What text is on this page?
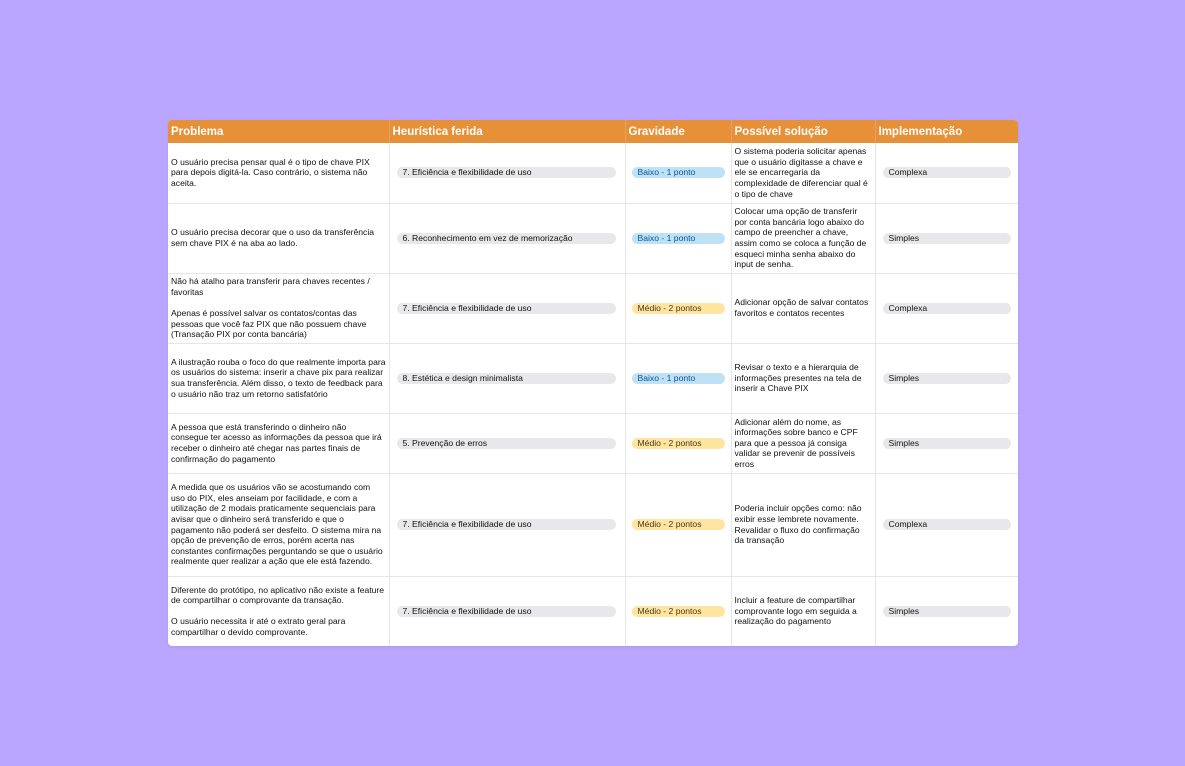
Problema	Heurística ferida	Gravidade	Possível solução	Implementação
O usuário precisa pensar qual é o tipo de chave PIX para depois digitá-la. Caso contrário, o sistema não aceita.	7. Eficiência e flexibilidade de uso	Baixo - 1 ponto	O sistema poderia solicitar apenas que o usuário digitasse a chave e ele se encarregaria da complexidade de diferenciar qual é o tipo de chave	Complexa

O usuário precisa decorar que o uso da transferência sem chave PIX é na aba ao lado.	6. Reconhecimento em vez de memorização	Baixo - 1 ponto	Colocar uma opção de transferir por conta bancária logo abaixo do campo de preencher a chave, assim como se coloca a função de esqueci minha senha abaixo do input de senha.	Simples

Não há atalho para transferir para chaves recentes / favoritas

Apenas é possível salvar os contatos/contas das pessoas que você faz PIX que não possuem chave (Transação PIX por conta bancária)	7. Eficiência e flexibilidade de uso	Médio - 2 pontos	Adicionar opção de salvar contatos favoritos e contatos recentes	Complexa

A ilustração rouba o foco do que realmente importa para os usuários do sistema: inserir a chave pix para realizar sua transferência. Além disso, o texto de feedback para o usuário não traz um retorno satisfatório	8. Estética e design minimalista	Baixo - 1 ponto	Revisar o texto e a hierarquia de informações presentes na tela de inserir a Chave PIX	Simples

A pessoa que está transferindo o dinheiro não consegue ter acesso as informações da pessoa que irá receber o dinheiro até chegar nas partes finais de confirmação do pagamento	5. Prevenção de erros	Médio - 2 pontos	Adicionar além do nome, as informações sobre banco e CPF para que a pessoa já consiga validar se prevenir de possíveis erros	Simples

A medida que os usuários vão se acostumando com uso do PIX, eles anseiam por facilidade, e com a utilização de 2 modais praticamente sequenciais para avisar que o dinheiro será transferido e que o pagamento não poderá ser desfeito. O sistema mira na opção de prevenção de erros, porém acerta nas constantes confirmações perguntando se que o usuário realmente quer realizar a ação que ele está fazendo.	7. Eficiência e flexibilidade de uso	Médio - 2 pontos	Poderia incluir opções como: não exibir esse lembrete novamente. Revalidar o fluxo do confirmação da transação	Complexa

Diferente do protótipo, no aplicativo não existe a feature de compartilhar o comprovante da transação.

O usuário necessita ir até o extrato geral para compartilhar o devido comprovante.	7. Eficiência e flexibilidade de uso	Médio - 2 pontos	Incluir a feature de compartilhar comprovante logo em seguida a realização do pagamento	Simples
